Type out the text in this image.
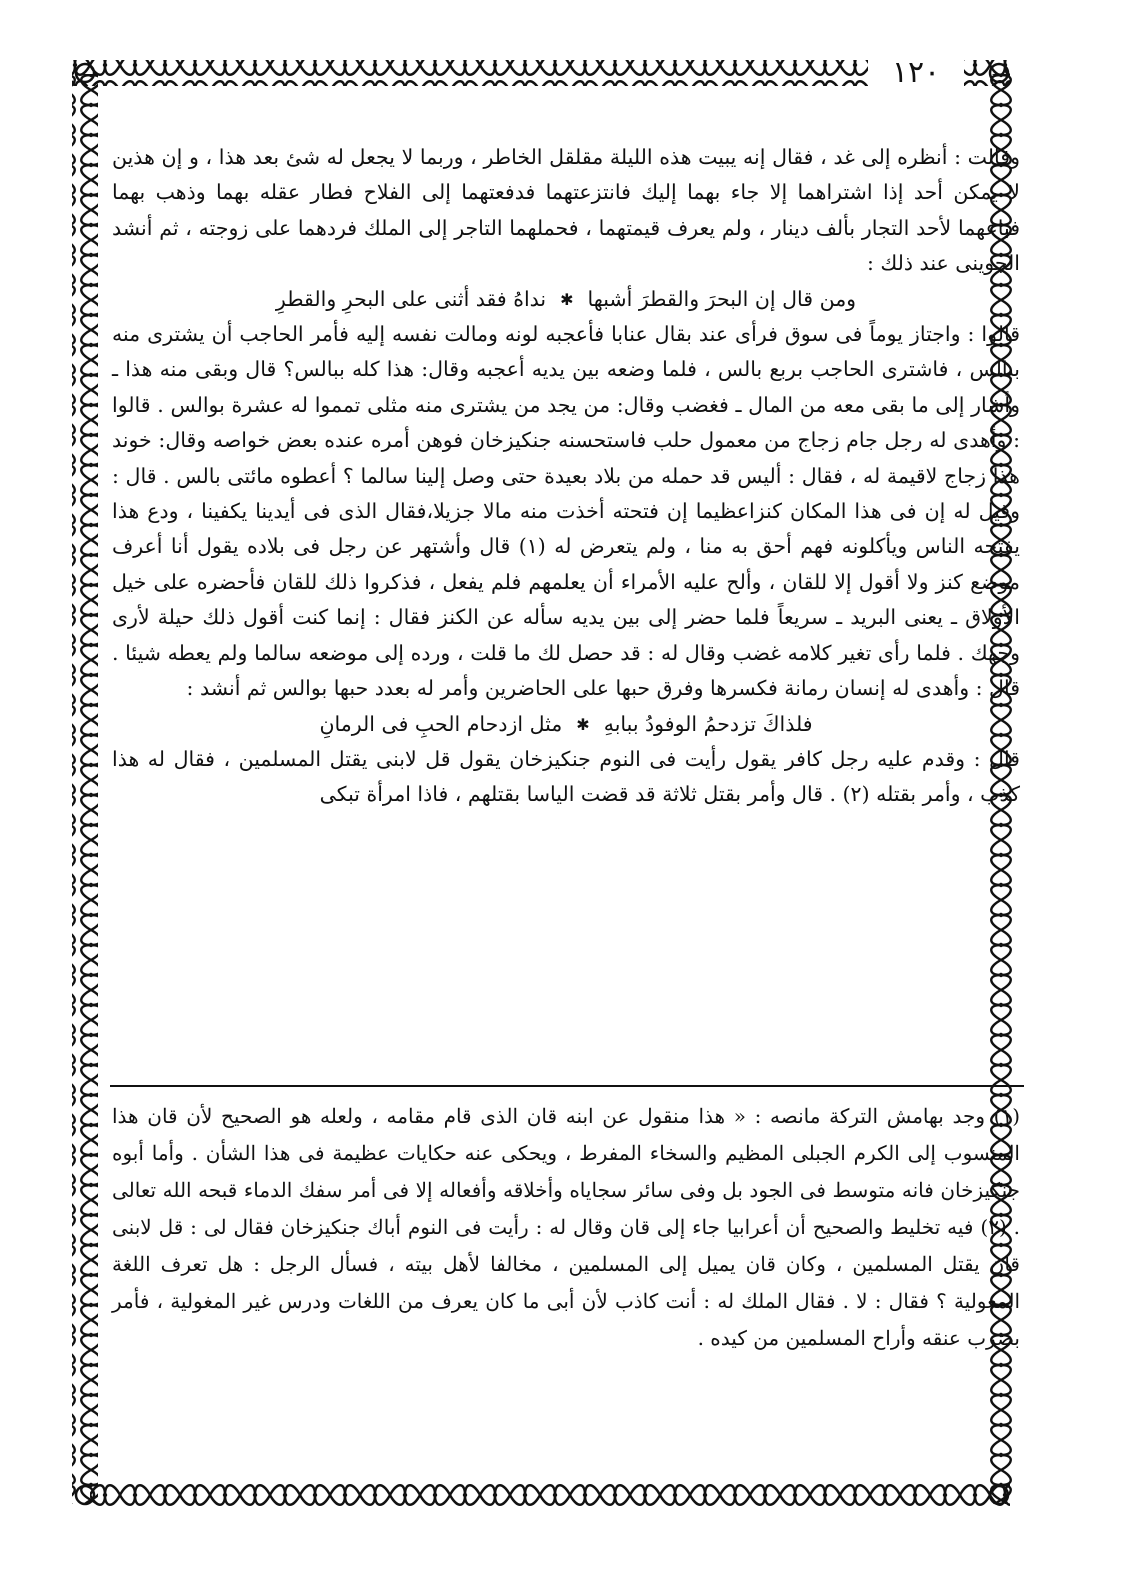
١٢٠

وقالت : أنظره إلى غد ، فقال إنه يبيت هذه الليلة مقلقل الخاطر ، وربما لا يجعل له شئ بعد هذا ، و إن هذين لا يمكن أحد إذا اشتراهما إلا جاء بهما إليك فانتزعتهما فدفعتهما إلى الفلاح فطار عقله بهما وذهب بهما فباعهما لأحد التجار بألف دينار ، ولم يعرف قيمتهما ، فحملهما التاجر إلى الملك فردهما على زوجته ، ثم أنشد الجوينى عند ذلك :

ومن قال إن البحرَ والقطرَ أشبها
✱
نداهُ فقد أثنى على البحرِ والقطرِ

قالوا : واجتاز يوماً فى سوق فرأى عند بقال عنابا فأعجبه لونه ومالت نفسه إليه فأمر الحاجب أن يشترى منه ببالس ، فاشترى الحاجب بربع بالس ، فلما وضعه بين يديه أعجبه وقال: هذا كله ببالس؟ قال وبقى منه هذا ـ وأشار إلى ما بقى معه من المال ـ فغضب وقال: من يجد من يشترى منه مثلى تمموا له عشرة بوالس . قالوا : وأهدى له رجل جام زجاج من معمول حلب فاستحسنه جنكيزخان فوهن أمره عنده بعض خواصه وقال: خوند هذا زجاج لاقيمة له ، فقال : أليس قد حمله من بلاد بعيدة حتى وصل إلينا سالما ؟ أعطوه مائتى بالس . قال : وقيل له إن فى هذا المكان كنزاعظيما إن فتحته أخذت منه مالا جزيلا،فقال الذى فى أيدينا يكفينا ، ودع هذا يفتحه الناس ويأكلونه فهم أحق به منا ، ولم يتعرض له (١) قال وأشتهر عن رجل فى بلاده يقول أنا أعرف موضع كنز ولا أقول إلا للقان ، وألح عليه الأمراء أن يعلمهم فلم يفعل ، فذكروا ذلك للقان فأحضره على خيل الأولاق ـ يعنى البريد ـ سريعاً فلما حضر إلى بين يديه سأله عن الكنز فقال : إنما كنت أقول ذلك حيلة لأرى وجهك . فلما رأى تغير كلامه غضب وقال له : قد حصل لك ما قلت ، ورده إلى موضعه سالما ولم يعطه شيئا . قال : وأهدى له إنسان رمانة فكسرها وفرق حبها على الحاضرين وأمر له بعدد حبها بوالس ثم أنشد :

فلذاكَ تزدحمُ الوفودُ ببابهِ
✱
مثل ازدحام الحبِ فى الرمانِ

قال : وقدم عليه رجل كافر يقول رأيت فى النوم جنكيزخان يقول قل لابنى يقتل المسلمين ، فقال له هذا كذب ، وأمر بقتله (٢) . قال وأمر بقتل ثلاثة قد قضت الياسا بقتلهم ، فاذا امرأة تبكى

(١) وجد بهامش التركة مانصه : « هذا منقول عن ابنه قان الذى قام مقامه ، ولعله هو الصحيح لأن قان هذا المنسوب إلى الكرم الجبلى المظيم والسخاء المفرط ، ويحكى عنه حكايات عظيمة فى هذا الشأن . وأما أبوه جنكيزخان فانه متوسط فى الجود بل وفى سائر سجاياه وأخلاقه وأفعاله إلا فى أمر سفك الدماء قبحه الله تعالى . (٢) فيه تخليط والصحيح أن أعرابيا جاء إلى قان وقال له : رأيت فى النوم أباك جنكيزخان فقال لى : قل لابنى قان يقتل المسلمين ، وكان قان يميل إلى المسلمين ، مخالفا لأهل بيته ، فسأل الرجل : هل تعرف اللغة المغولية ؟ فقال : لا . فقال الملك له : أنت كاذب لأن أبى ما كان يعرف من اللغات ودرس غير المغولية ، فأمر بضرب عنقه وأراح المسلمين من كيده .
